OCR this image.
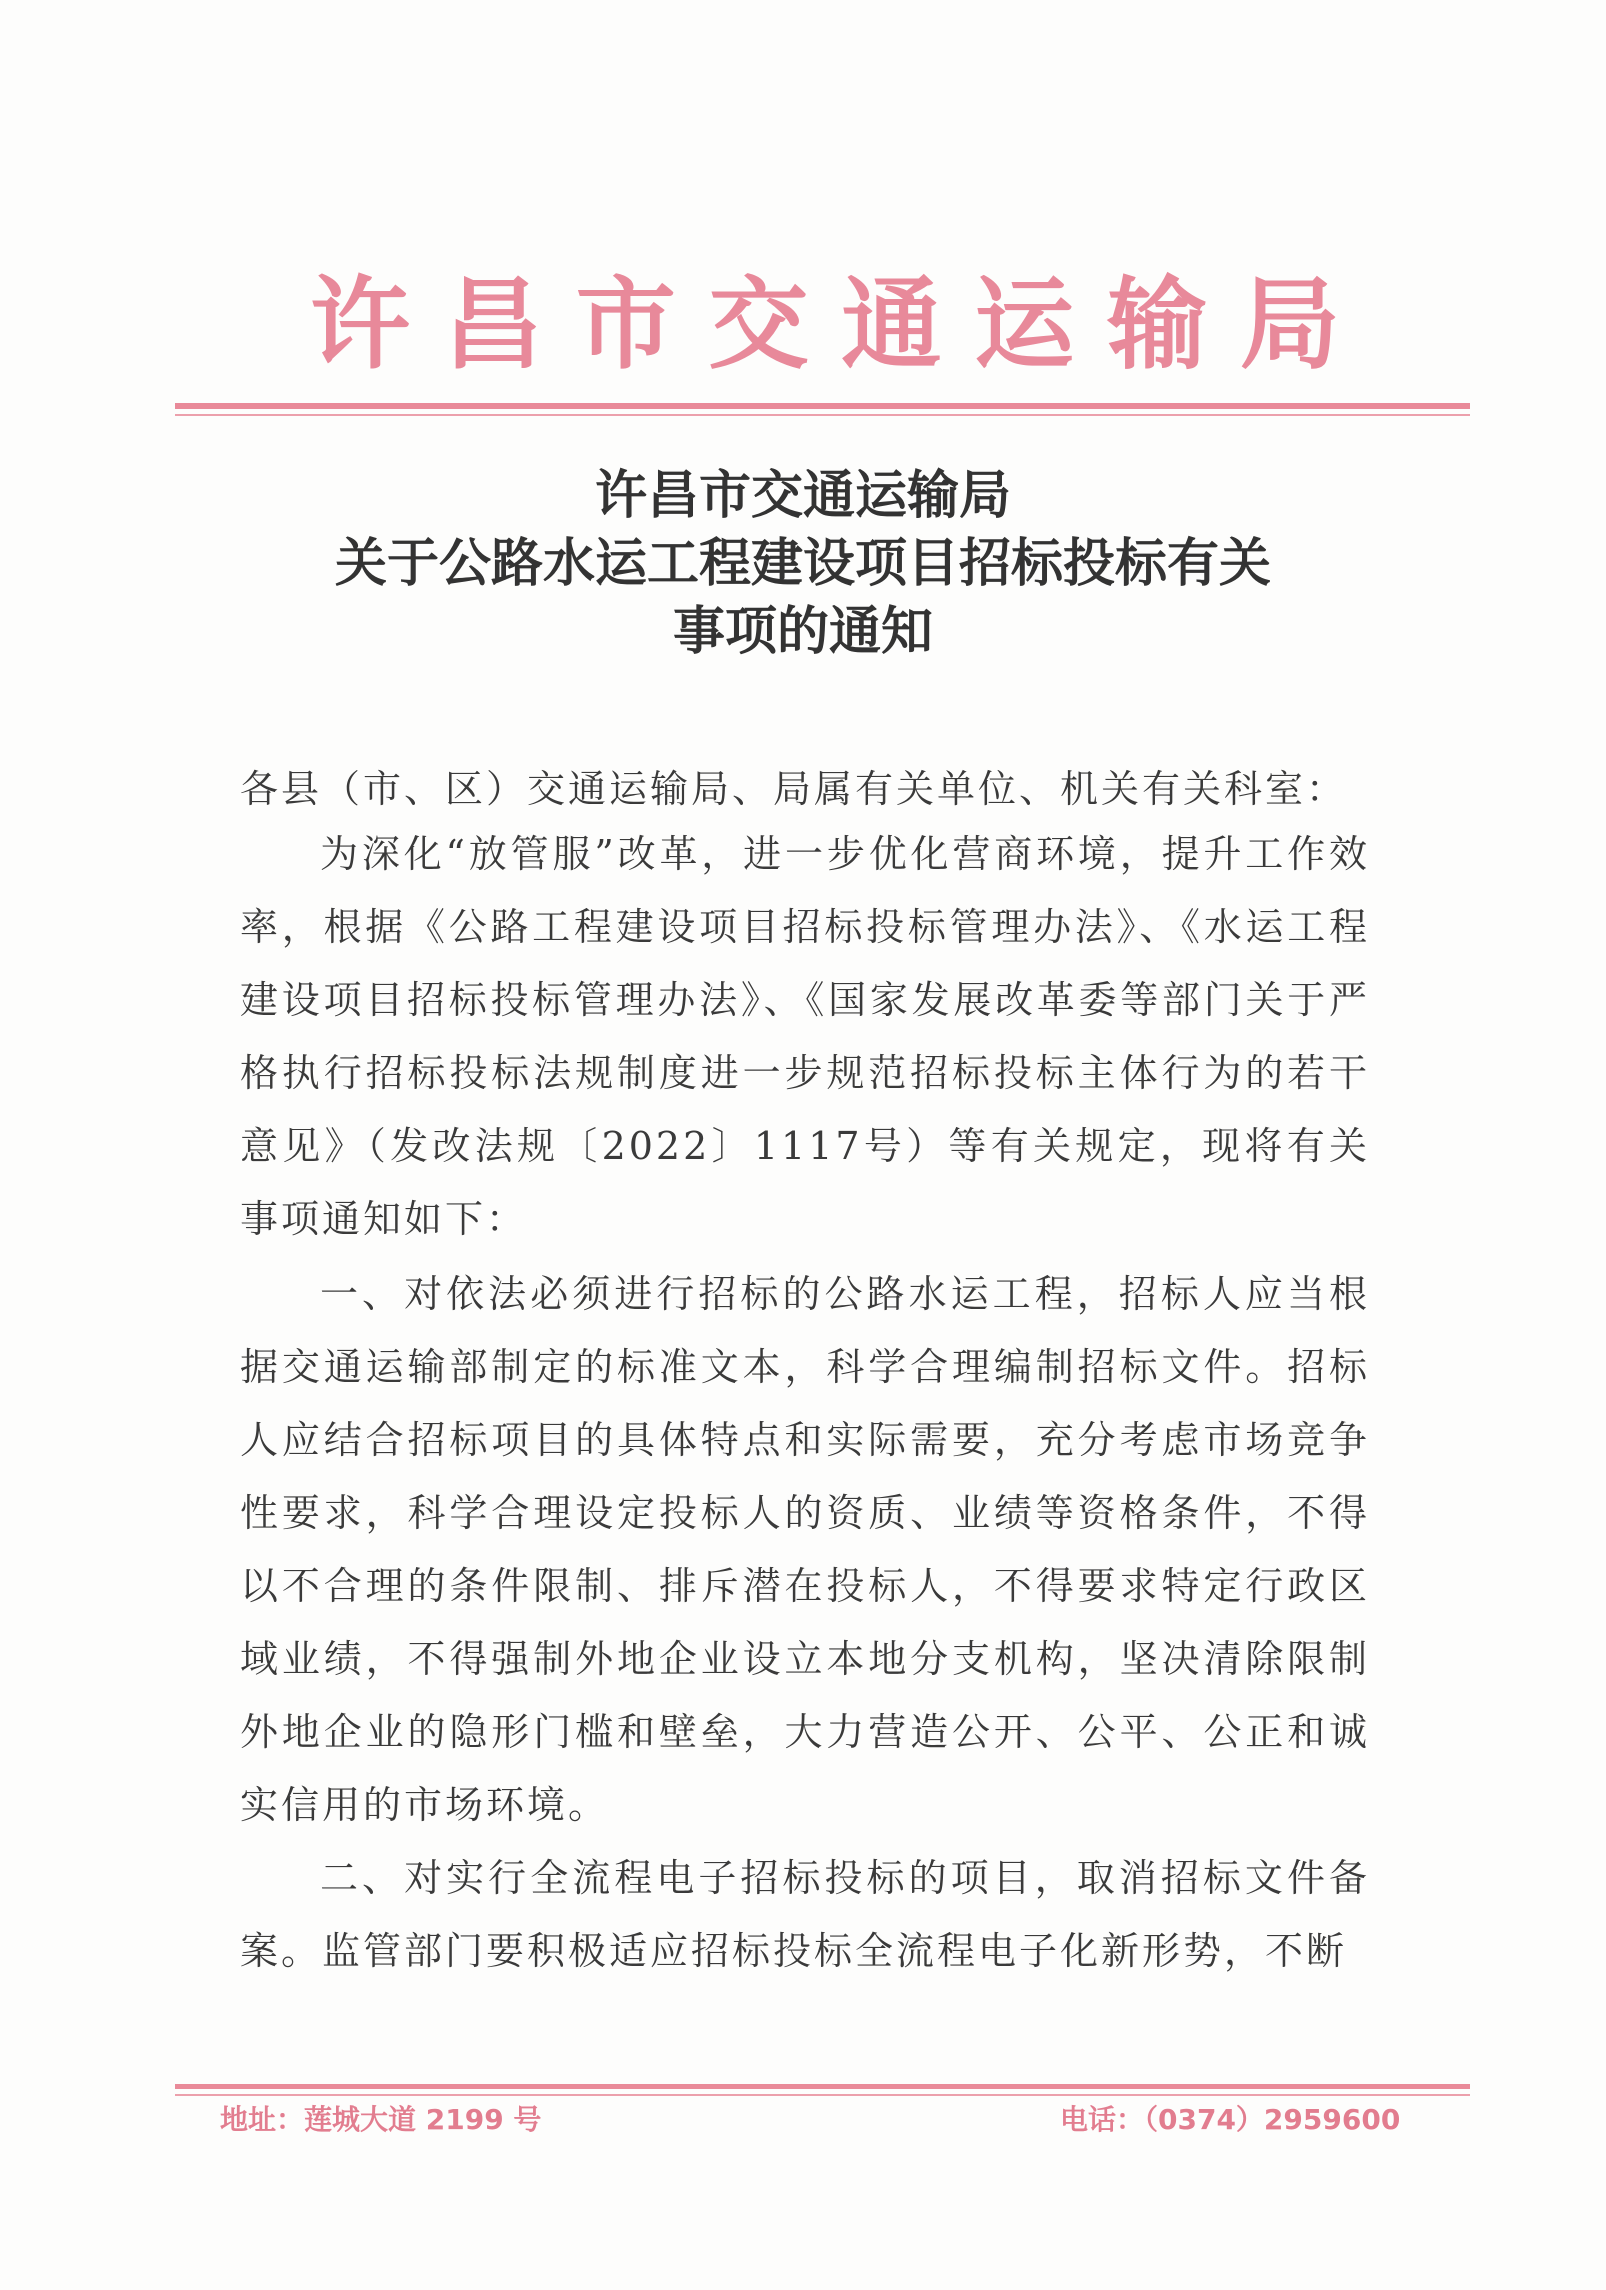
许 昌 市 交 通 运 输 局
许昌市交通运输局
关于公路水运工程建设项目招标投标有关
事项的通知
各县（市、区）交通运输局、局属有关单位、机关有关科室：
为深化“放管服”改革，进一步优化营商环境，提升工作效率，根据《公路工程建设项目招标投标管理办法》、《水运工程建设项目招标投标管理办法》、《国家发展改革委等部门关于严格执行招标投标法规制度进一步规范招标投标主体行为的若干意见》（发改法规〔2022〕1117号）等有关规定，现将有关事项通知如下：
一、对依法必须进行招标的公路水运工程，招标人应当根据交通运输部制定的标准文本，科学合理编制招标文件。招标人应结合招标项目的具体特点和实际需要，充分考虑市场竞争性要求，科学合理设定投标人的资质、业绩等资格条件，不得以不合理的条件限制、排斥潜在投标人，不得要求特定行政区域业绩，不得强制外地企业设立本地分支机构，坚决清除限制外地企业的隐形门槛和壁垒，大力营造公开、公平、公正和诚实信用的市场环境。
二、对实行全流程电子招标投标的项目，取消招标文件备案。监管部门要积极适应招标投标全流程电子化新形势，不断
地址：莲城大道 2199 号	电话：（0374）2959600
